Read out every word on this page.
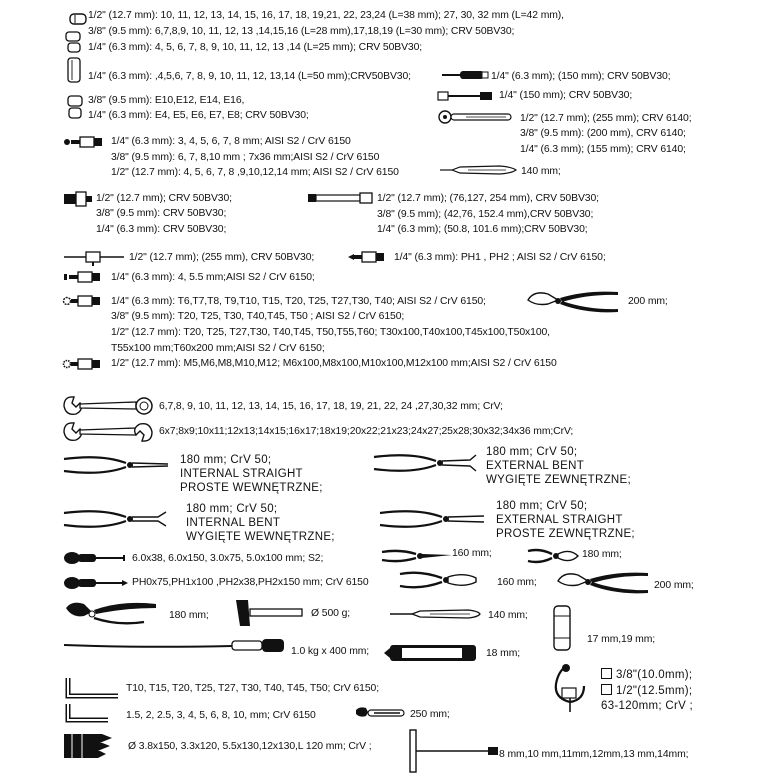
1/2" (12.7 mm): 10, 11, 12, 13, 14, 15, 16, 17, 18, 19,21, 22, 23,24 (L=38 mm); 27, 30, 32 mm (L=42 mm),
3/8" (9.5 mm): 6,7,8,9, 10, 11, 12, 13 ,14,15,16 (L=28 mm),17,18,19 (L=30 mm); CRV 50BV30;
1/4" (6.3 mm): 4, 5, 6, 7, 8, 9, 10, 11, 12, 13 ,14 (L=25 mm); CRV 50BV30;
1/4" (6.3 mm): ,4,5,6, 7, 8, 9, 10, 11, 12, 13,14 (L=50 mm);CRV50BV30;	1/4" (6.3 mm); (150 mm); CRV 50BV30;
1/4" (150 mm); CRV 50BV30;
3/8" (9.5 mm): E10,E12, E14, E16,
1/4" (6.3 mm): E4, E5, E6, E7, E8; CRV 50BV30;	1/2" (12.7 mm); (255 mm); CRV 6140;
3/8" (9.5 mm): (200 mm), CRV 6140;
1/4" (6.3 mm); (155 mm); CRV 6140;
1/4" (6.3 mm): 3, 4, 5, 6, 7, 8 mm; AISI S2 / CrV 6150
3/8" (9.5 mm): 6, 7, 8,10 mm ; 7x36 mm;AISI S2 / CrV 6150
1/2" (12.7 mm): 4, 5, 6, 7, 8 ,9,10,12,14 mm; AISI S2 / CrV 6150	140 mm;
1/2" (12.7 mm); CRV 50BV30;
3/8" (9.5 mm): CRV 50BV30;
1/4" (6.3 mm): CRV 50BV30;
1/2" (12.7 mm); (76,127, 254 mm), CRV 50BV30;
3/8" (9.5 mm); (42,76, 152.4 mm),CRV 50BV30;
1/4" (6.3 mm); (50.8, 101.6 mm);CRV 50BV30;
1/2" (12.7 mm); (255 mm), CRV 50BV30;	1/4" (6.3 mm): PH1 , PH2 ; AISI S2 / CrV 6150;
1/4" (6.3 mm): 4, 5.5 mm;AISI S2 / CrV 6150;
1/4" (6.3 mm): T6,T7,T8, T9,T10, T15, T20, T25, T27,T30, T40; AISI S2 / CrV 6150;
3/8" (9.5 mm): T20, T25, T30, T40,T45, T50 ; AISI S2 / CrV 6150;
1/2" (12.7 mm): T20, T25, T27,T30, T40,T45, T50,T55,T60; T30x100,T40x100,T45x100,T50x100,
T55x100 mm;T60x200 mm;AISI S2 / CrV 6150;
200 mm;
1/2" (12.7 mm): M5,M6,M8,M10,M12; M6x100,M8x100,M10x100,M12x100 mm;AISI S2 / CrV 6150
6,7,8, 9, 10, 11, 12, 13, 14, 15, 16, 17, 18, 19, 21, 22, 24 ,27,30,32 mm; CrV;
6x7;8x9;10x11;12x13;14x15;16x17;18x19;20x22;21x23;24x27;25x28;30x32;34x36 mm;CrV;
180 mm; CrV 50;
INTERNAL STRAIGHT
PROSTE WEWNĘTRZNE;
180 mm; CrV 50;
EXTERNAL BENT
WYGIĘTE ZEWNĘTRZNE;
180 mm; CrV 50;
INTERNAL BENT
WYGIĘTE WEWNĘTRZNE;
180 mm; CrV 50;
EXTERNAL STRAIGHT
PROSTE ZEWNĘTRZNE;
6.0x38, 6.0x150, 3.0x75, 5.0x100 mm; S2;	160 mm;	180 mm;
PH0x75,PH1x100 ,PH2x38,PH2x150 mm; CrV 6150	160 mm;	200 mm;
180 mm;	Ø 500 g;	140 mm;
17 mm,19 mm;
1.0 kg x 400 mm;	18 mm;
3/8"(10.0mm);
1/2"(12.5mm);
63-120mm; CrV ;
T10, T15, T20, T25, T27, T30, T40, T45, T50; CrV 6150;
1.5, 2, 2.5, 3, 4, 5, 6, 8, 10, mm; CrV 6150	250 mm;
Ø 3.8x150, 3.3x120, 5.5x130,12x130,L 120 mm; CrV ;
8 mm,10 mm,11mm,12mm,13 mm,14mm;
